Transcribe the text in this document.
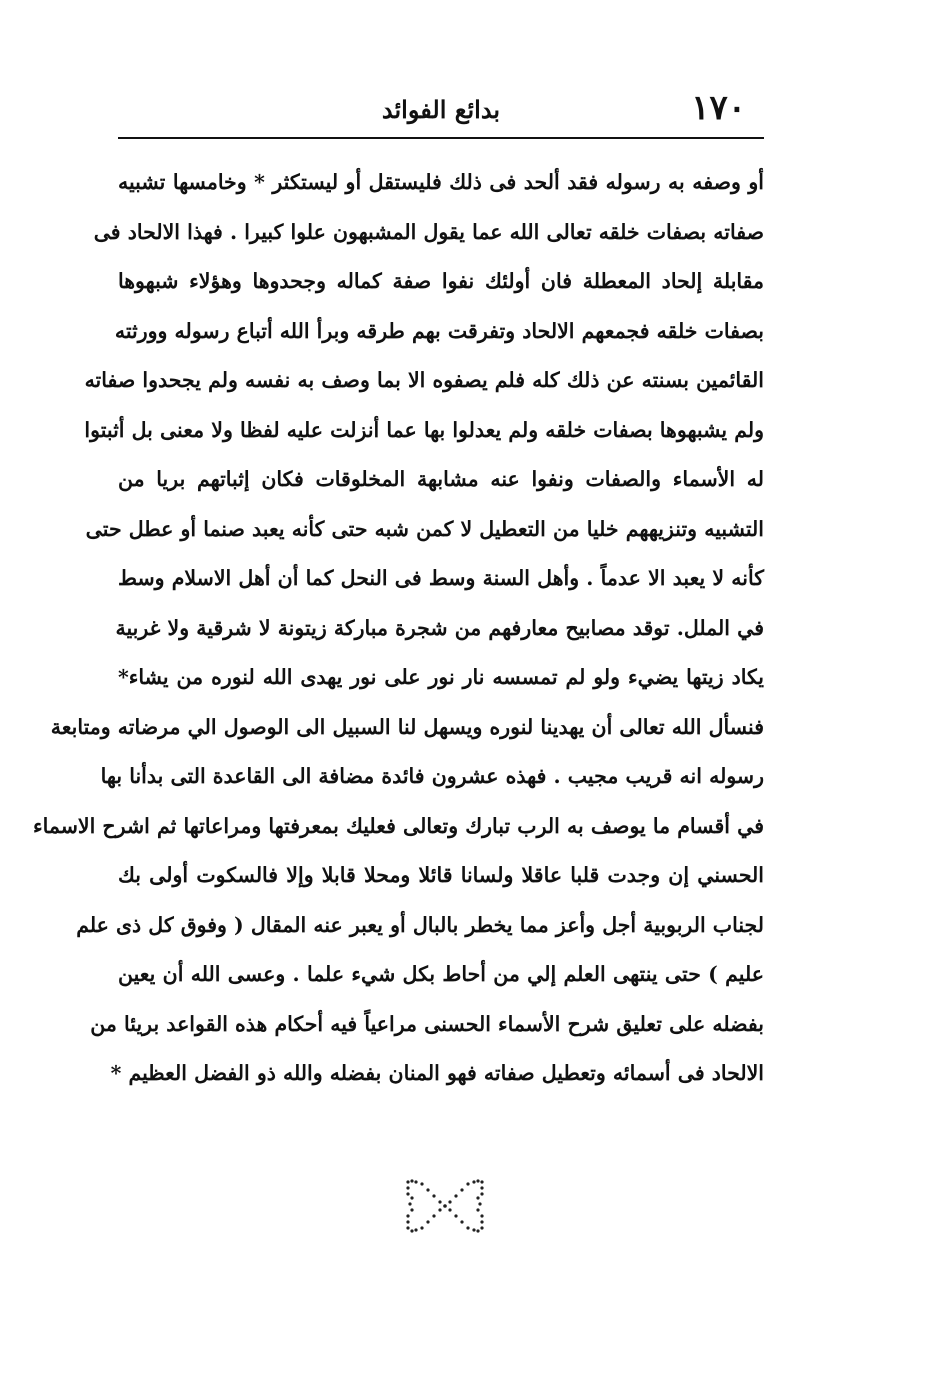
١٧٠
بدائع الفوائد
أو وصفه به رسوله فقد ألحد فى ذلك فليستقل أو ليستكثر * وخامسها تشبيه
صفاته بصفات خلقه تعالى الله عما يقول المشبهون علوا كبيرا . فهذا الالحاد فى
مقابلة إلحاد المعطلة فان أولئك نفوا صفة كماله وجحدوها وهؤلاء شبهوها
بصفات خلقه فجمعهم الالحاد وتفرقت بهم طرقه وبرأ الله أتباع رسوله وورثته
القائمين بسنته عن ذلك كله فلم يصفوه الا بما وصف به نفسه ولم يجحدوا صفاته
ولم يشبهوها بصفات خلقه ولم يعدلوا بها عما أنزلت عليه لفظا ولا معنى بل أثبتوا
له الأسماء والصفات ونفوا عنه مشابهة المخلوقات فكان إثباتهم بريا من
التشبيه وتنزيههم خليا من التعطيل لا كمن شبه حتى كأنه يعبد صنما أو عطل حتى
كأنه لا يعبد الا عدماً . وأهل السنة وسط فى النحل كما أن أهل الاسلام وسط
في الملل. توقد مصابيح معارفهم من شجرة مباركة زيتونة لا شرقية ولا غربية
يكاد زيتها يضيء ولو لم تمسسه نار نور على نور يهدى الله لنوره من يشاء*
فنسأل الله تعالى أن يهدينا لنوره ويسهل لنا السبيل الى الوصول الي مرضاته ومتابعة
رسوله انه قريب مجيب . فهذه عشرون فائدة مضافة الى القاعدة التى بدأنا بها
في أقسام ما يوصف به الرب تبارك وتعالى فعليك بمعرفتها ومراعاتها ثم اشرح الاسماء
الحسني إن وجدت قلبا عاقلا ولسانا قائلا ومحلا قابلا وإلا فالسكوت أولى بك
لجناب الربوبية أجل وأعز مما يخطر بالبال أو يعبر عنه المقال ( وفوق كل ذى علم
عليم ) حتى ينتهى العلم إلي من أحاط بكل شيء علما . وعسى الله أن يعين
بفضله على تعليق شرح الأسماء الحسنى مراعياً فيه أحكام هذه القواعد بريئا من
الالحاد فى أسمائه وتعطيل صفاته فهو المنان بفضله والله ذو الفضل العظيم *
